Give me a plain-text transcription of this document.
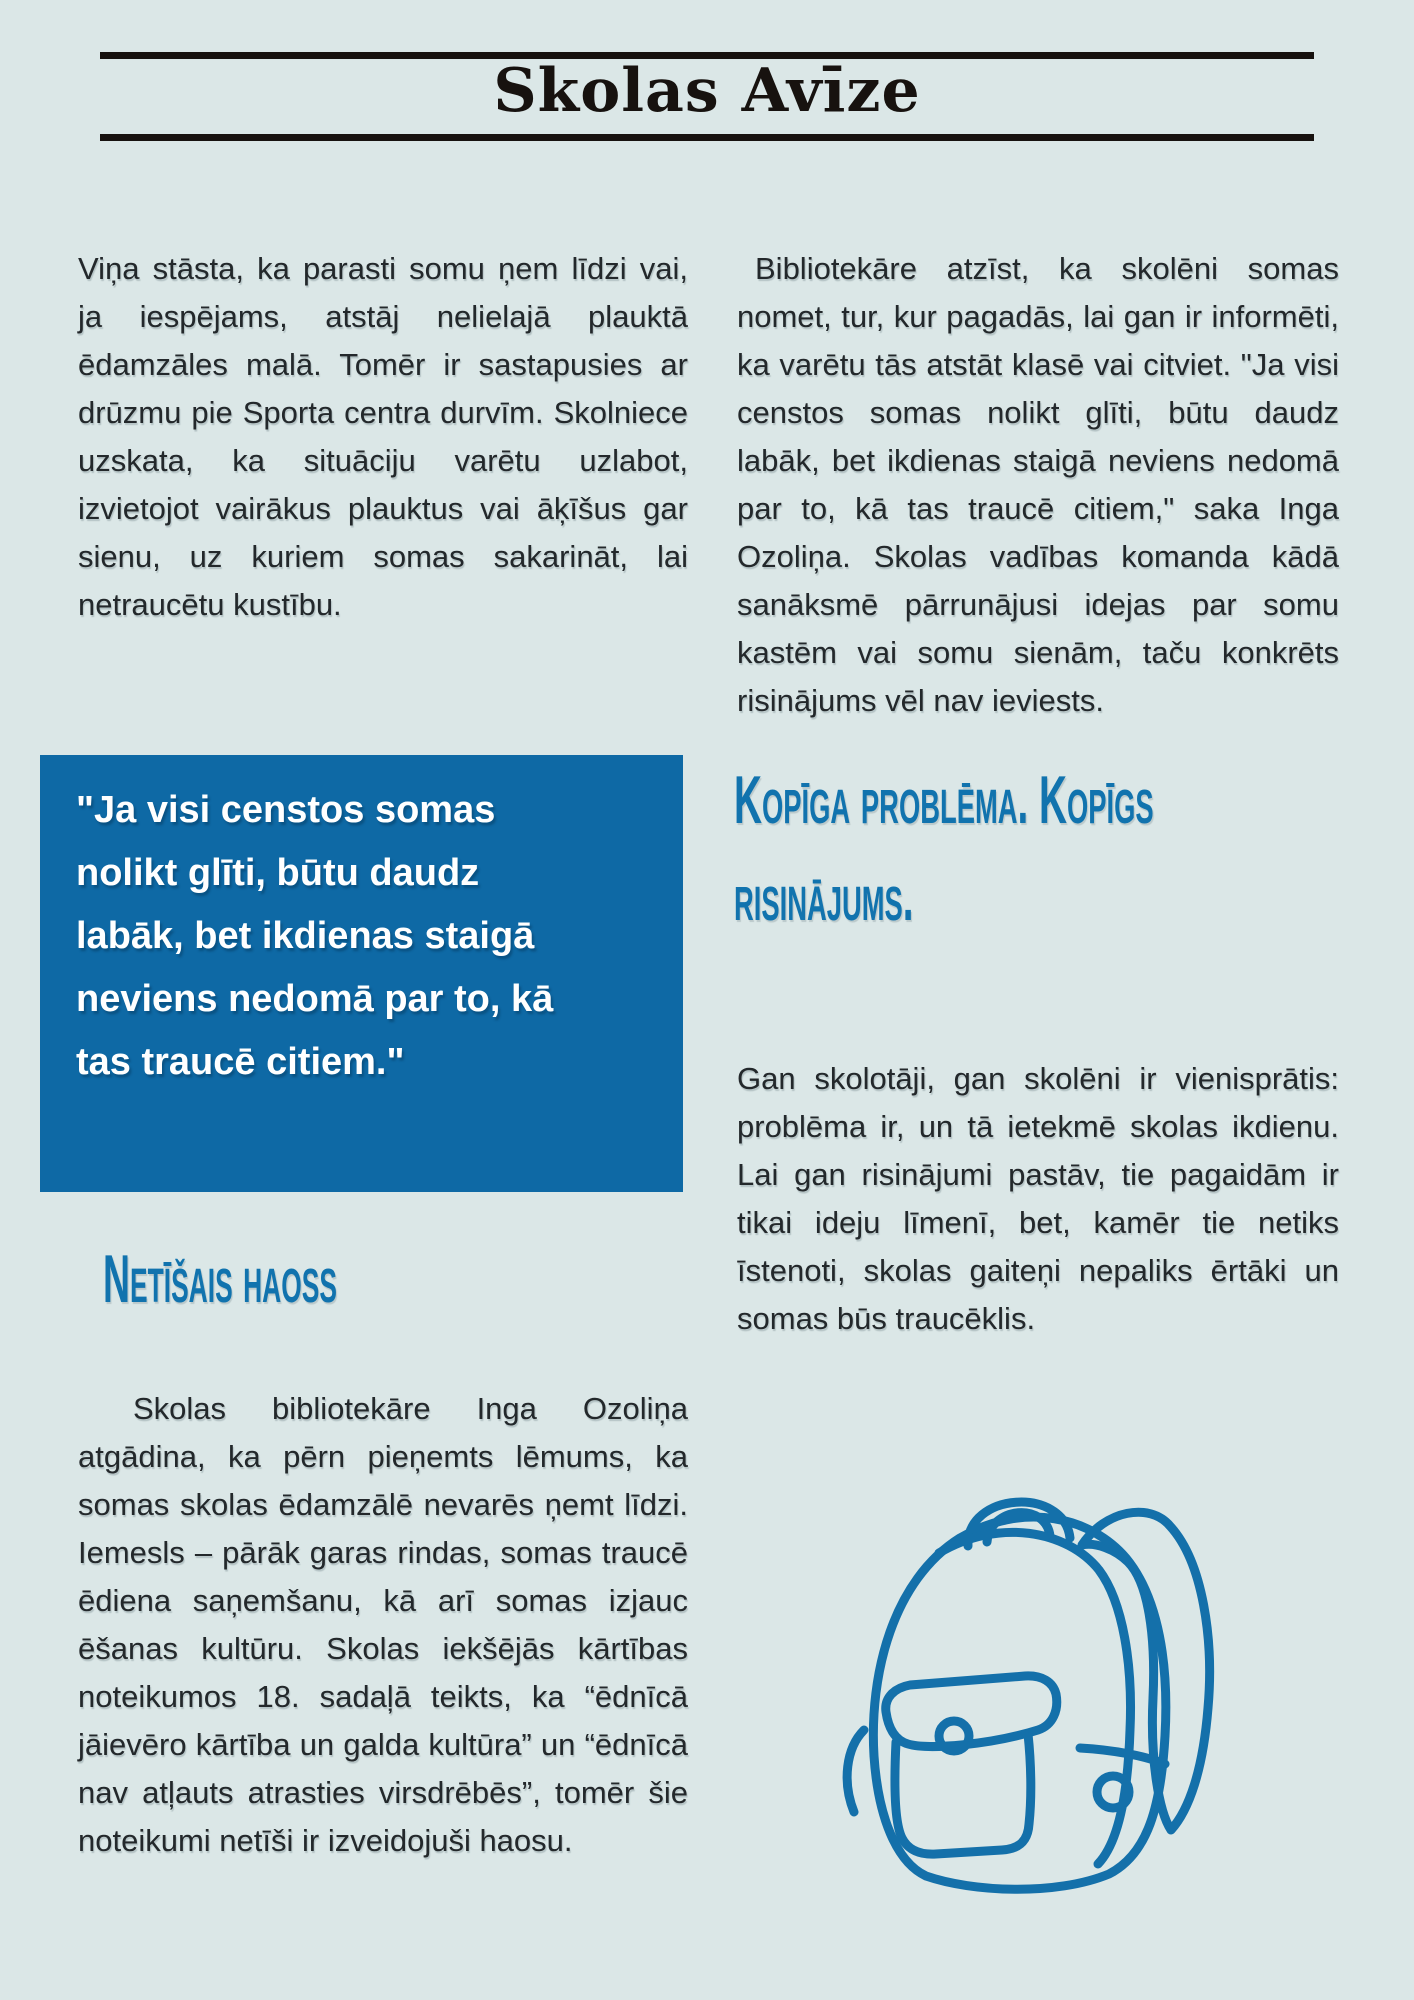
Skolas Avīze

Viņa stāsta, ka parasti somu ņem līdzi vai, ja iespējams, atstāj nelielajā plauktā ēdamzāles malā. Tomēr ir sastapusies ar drūzmu pie Sporta centra durvīm. Skolniece uzskata, ka situāciju varētu uzlabot, izvietojot vairākus plauktus vai āķīšus gar sienu, uz kuriem somas sakarināt, lai netraucētu kustību.

Bibliotekāre atzīst, ka skolēni somas nomet, tur, kur pagadās, lai gan ir informēti, ka varētu tās atstāt klasē vai citviet. "Ja visi censtos somas nolikt glīti, būtu daudz labāk, bet ikdienas staigā neviens nedomā par to, kā tas traucē citiem," saka Inga Ozoliņa. Skolas vadības komanda kādā sanāksmē pārrunājusi idejas par somu kastēm vai somu sienām, taču konkrēts risinājums vēl nav ieviests.

"Ja visi censtos somas nolikt glīti, būtu daudz labāk, bet ikdienas staigā neviens nedomā par to, kā tas traucē citiem."
Kopīga problēma. Kopīgs risinājums.

Gan skolotāji, gan skolēni ir vienisprātis: problēma ir, un tā ietekmē skolas ikdienu. Lai gan risinājumi pastāv, tie pagaidām ir tikai ideju līmenī, bet, kamēr tie netiks īstenoti, skolas gaiteņi nepaliks ērtāki un somas būs traucēklis.

Netīšais haoss

Skolas bibliotekāre Inga Ozoliņa atgādina, ka pērn pieņemts lēmums, ka somas skolas ēdamzālē nevarēs ņemt līdzi. Iemesls – pārāk garas rindas, somas traucē ēdiena saņemšanu, kā arī somas izjauc ēšanas kultūru. Skolas iekšējās kārtības noteikumos 18. sadaļā teikts, ka “ēdnīcā jāievēro kārtība un galda kultūra” un “ēdnīcā nav atļauts atrasties virsdrēbēs”, tomēr šie noteikumi netīši ir izveidojuši haosu.
